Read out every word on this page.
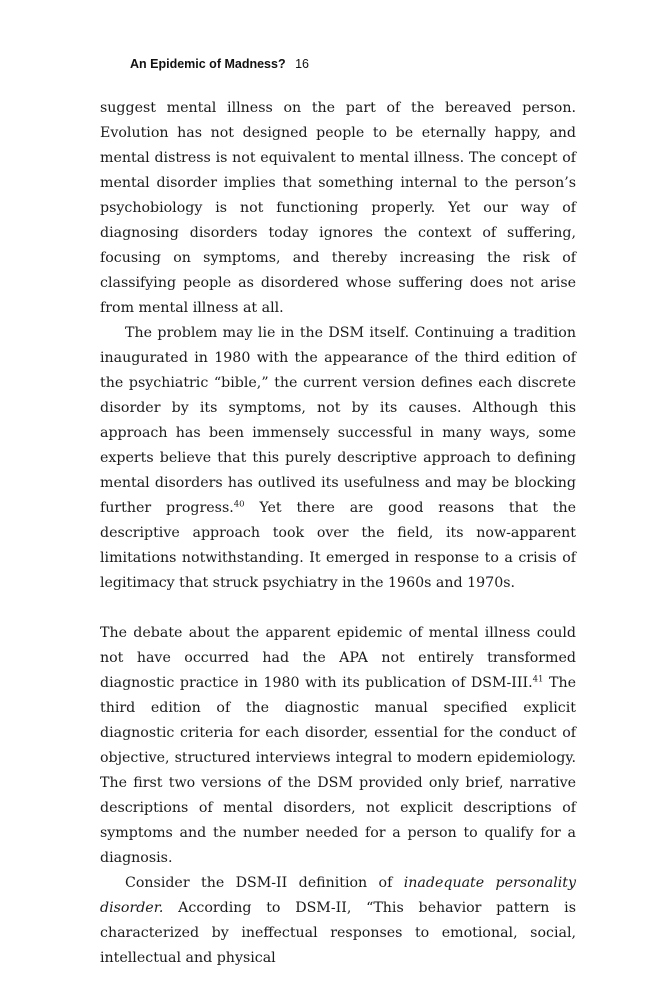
An Epidemic of Madness? 16

suggest mental illness on the part of the bereaved person. Evolution has not designed people to be eternally happy, and mental distress is not equivalent to mental illness. The concept of mental disorder implies that something internal to the person’s psychobiology is not functioning properly. Yet our way of diagnosing disorders today ignores the context of suffering, focusing on symptoms, and thereby increasing the risk of classifying people as disordered whose suffering does not arise from mental illness at all.

The problem may lie in the DSM itself. Continuing a tradition inaugurated in 1980 with the appearance of the third edition of the psychiatric “bible,” the current version defines each discrete disorder by its symptoms, not by its causes. Although this approach has been immensely successful in many ways, some experts believe that this purely descriptive approach to defining mental disorders has outlived its usefulness and may be blocking further progress.$^{40}$ Yet there are good reasons that the descriptive approach took over the field, its now-apparent limitations notwithstanding. It emerged in response to a crisis of legitimacy that struck psychiatry in the 1960s and 1970s.

The debate about the apparent epidemic of mental illness could not have occurred had the APA not entirely transformed diagnostic practice in 1980 with its publication of DSM-III.$^{41}$ The third edition of the diagnostic manual specified explicit diagnostic criteria for each disorder, essential for the conduct of objective, structured interviews integral to modern epidemiology. The first two versions of the DSM provided only brief, narrative descriptions of mental disorders, not explicit descriptions of symptoms and the number needed for a person to qualify for a diagnosis.

Consider the DSM-II definition of inadequate personality disorder. According to DSM-II, “This behavior pattern is characterized by ineffectual responses to emotional, social, intellectual and physical
